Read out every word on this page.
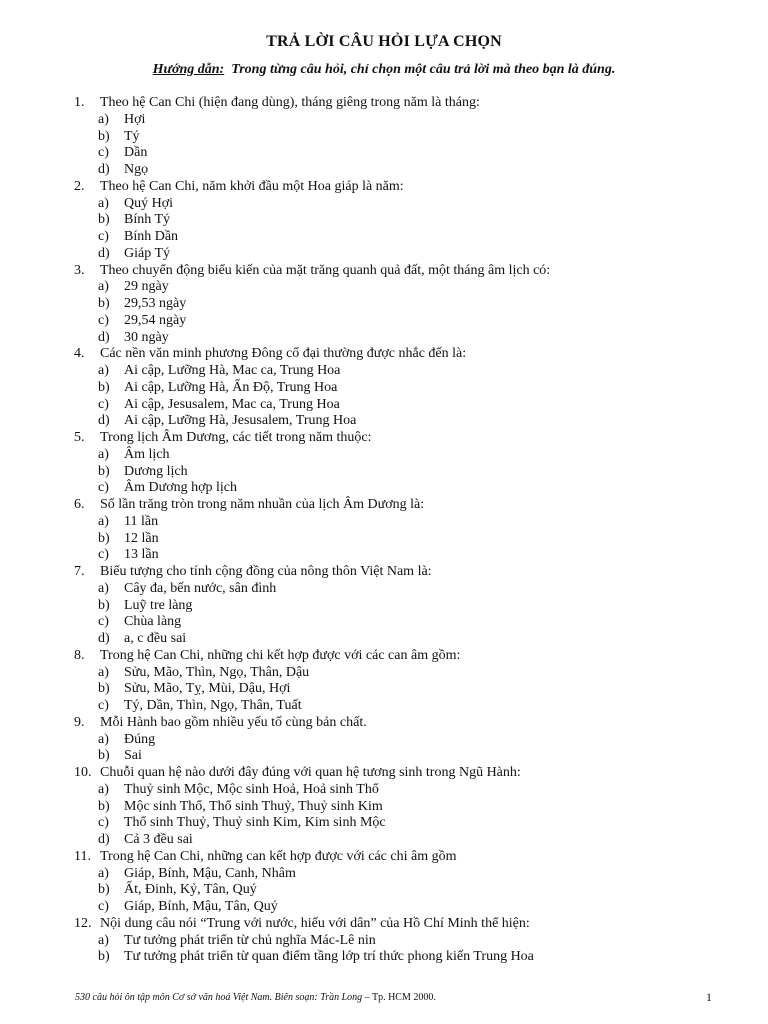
TRẢ LỜI CÂU HỎI LỰA CHỌN
Hướng dẫn: Trong từng câu hỏi, chỉ chọn một câu trả lời mà theo bạn là đúng.
1. Theo hệ Can Chi (hiện đang dùng), tháng giêng trong năm là tháng:
a) Hợi
b) Tý
c) Dần
d) Ngọ
2. Theo hệ Can Chi, năm khởi đầu một Hoa giáp là năm:
a) Quý Hợi
b) Bính Tý
c) Bính Dần
d) Giáp Tý
3. Theo chuyển động biểu kiến của mặt trăng quanh quả đất, một tháng âm lịch có:
a) 29 ngày
b) 29,53 ngày
c) 29,54 ngày
d) 30 ngày
4. Các nền văn minh phương Đông cổ đại thường được nhắc đến là:
a) Ai cập, Lưỡng Hà, Mac ca, Trung Hoa
b) Ai cập, Lưỡng Hà, Ấn Độ, Trung Hoa
c) Ai cập, Jesusalem, Mac ca, Trung Hoa
d) Ai cập, Lưỡng Hà, Jesusalem, Trung Hoa
5. Trong lịch Âm Dương, các tiết trong năm thuộc:
a) Âm lịch
b) Dương lịch
c) Âm Dương hợp lịch
6. Số lần trăng tròn trong năm nhuần của lịch Âm Dương là:
a) 11 lần
b) 12 lần
c) 13 lần
7. Biểu tượng cho tính cộng đồng của nông thôn Việt Nam là:
a) Cây đa, bến nước, sân đình
b) Luỹ tre làng
c) Chùa làng
d) a, c đều sai
8. Trong hệ Can Chi, những chi kết hợp được với các can âm gồm:
a) Sửu, Mão, Thìn, Ngọ, Thân, Dậu
b) Sửu, Mão, Tỵ, Mùi, Dậu, Hợi
c) Tý, Dần, Thìn, Ngọ, Thân, Tuất
9. Mỗi Hành bao gồm nhiều yếu tố cùng bản chất.
a) Đúng
b) Sai
10. Chuỗi quan hệ nào dưới đây đúng với quan hệ tương sinh trong Ngũ Hành:
a) Thuỷ sinh Mộc, Mộc sinh Hoả, Hoả sinh Thổ
b) Mộc sinh Thổ, Thổ sinh Thuỷ, Thuỷ sinh Kim
c) Thổ sinh Thuỷ, Thuỷ sinh Kim, Kim sinh Mộc
d) Cả 3 đều sai
11. Trong hệ Can Chi, những can kết hợp được với các chi âm gồm
a) Giáp, Bính, Mậu, Canh, Nhâm
b) Ất, Đinh, Kỷ, Tân, Quý
c) Giáp, Bính, Mậu, Tân, Quý
12. Nội dung câu nói “Trung với nước, hiếu với dân” của Hồ Chí Minh thể hiện:
a) Tư tưởng phát triển từ chủ nghĩa Mác-Lê nin
b) Tư tưởng phát triển từ quan điểm tầng lớp trí thức phong kiến Trung Hoa
530 câu hỏi ôn tập môn Cơ sở văn hoá Việt Nam. Biên soạn: Trần Long – Tp. HCM 2000.	1
